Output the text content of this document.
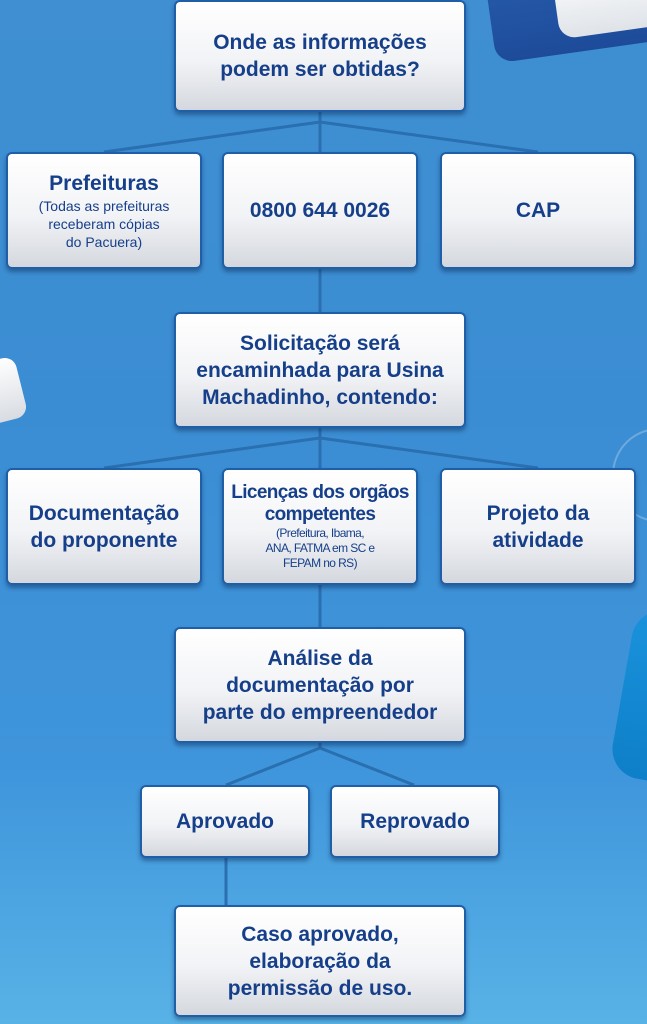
Onde as informações
podem ser obtidas?
Prefeituras
(Todas as prefeituras
receberam cópias
do Pacuera)
0800 644 0026	CAP
Solicitação será
encaminhada para Usina
Machadinho, contendo:
Documentação
do proponente
Licenças dos orgãos
competentes
(Prefeitura, Ibama,
ANA, FATMA em SC e
FEPAM no RS)
Projeto da
atividade
Análise da
documentação por
parte do empreendedor
Aprovado	Reprovado
Caso aprovado,
elaboração da
permissão de uso.
